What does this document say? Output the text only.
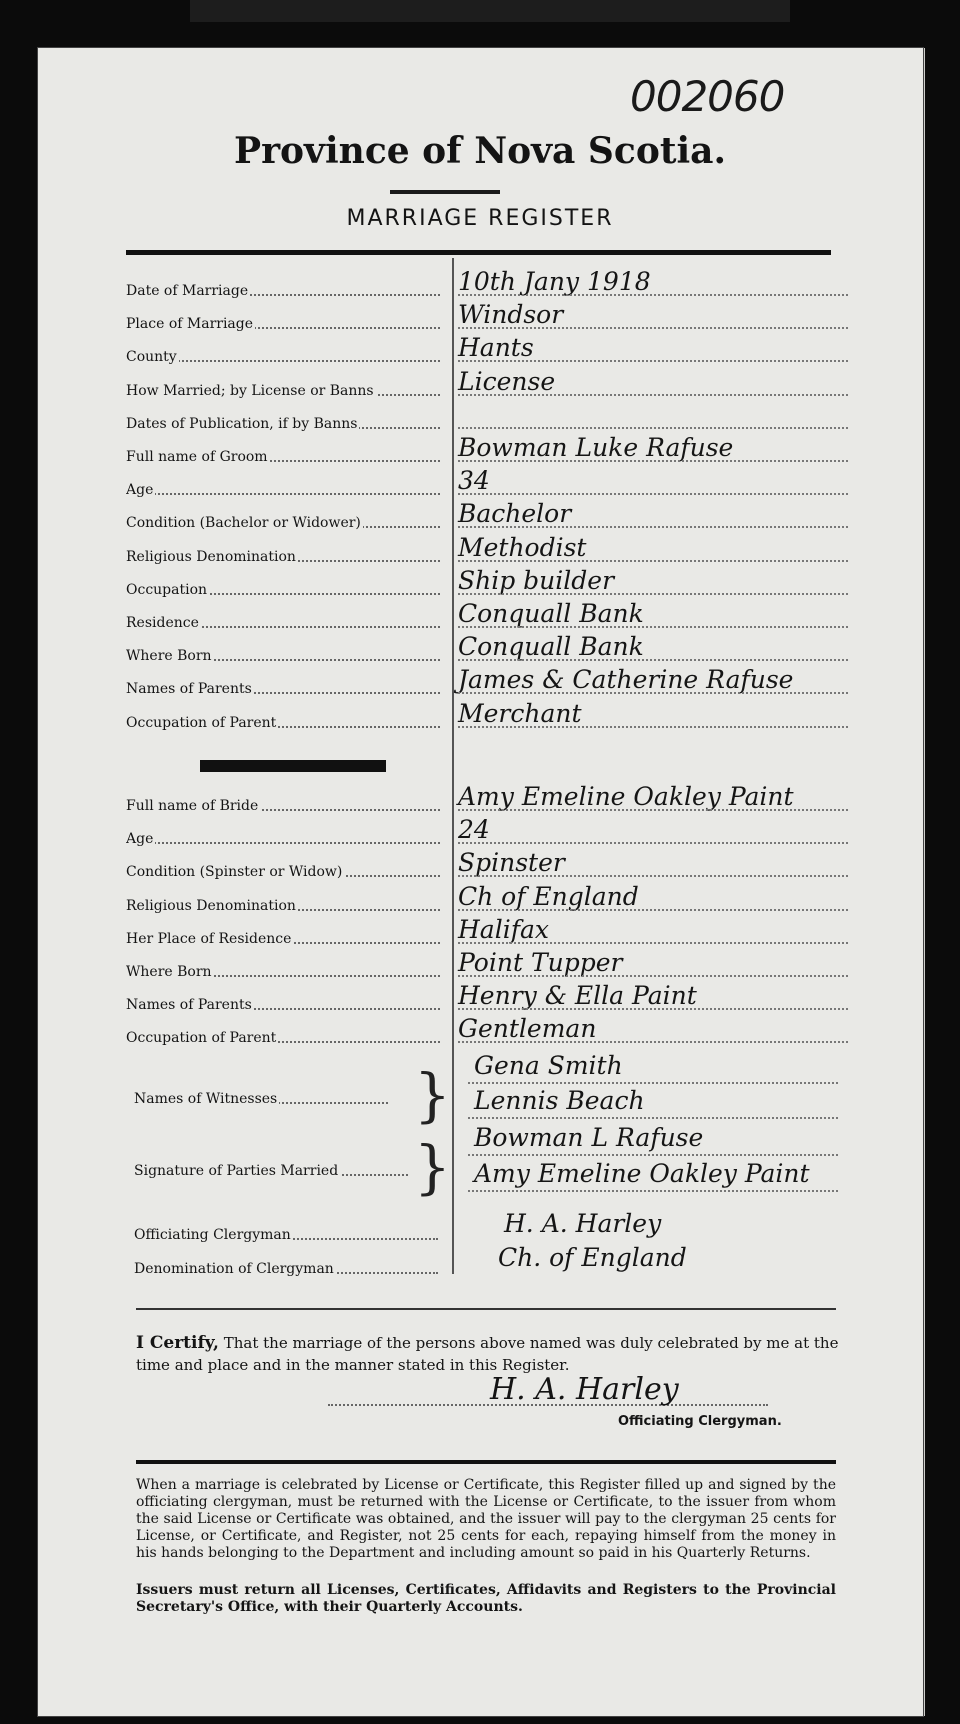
002060
Province of Nova Scotia.
MARRIAGE REGISTER
Date of Marriage	10th Jany 1918
Place of Marriage	Windsor
County	Hants
How Married; by License or Banns	License
Dates of Publication, if by Banns
Full name of Groom	Bowman Luke Rafuse
Age	34
Condition (Bachelor or Widower)	Bachelor
Religious Denomination	Methodist
Occupation	Ship builder
Residence	Conquall Bank
Where Born	Conquall Bank
Names of Parents	James & Catherine Rafuse
Occupation of Parent	Merchant
Full name of Bride	Amy Emeline Oakley Paint
Age	24
Condition (Spinster or Widow)	Spinster
Religious Denomination	Ch of England
Her Place of Residence	Halifax
Where Born	Point Tupper
Names of Parents	Henry & Ella Paint
Occupation of Parent	Gentleman
Names of Witnesses	} Gena Smith
Lennis Beach
Signature of Parties Married	} Bowman L Rafuse
Amy Emeline Oakley Paint
Officiating Clergyman	H. A. Harley
Denomination of Clergyman	Ch. of England
I Certify, That the marriage of the persons above named was duly celebrated by me at the time and place and in the manner stated in this Register.
H. A. Harley
Officiating Clergyman.
When a marriage is celebrated by License or Certificate, this Register filled up and signed by the officiating clergyman, must be returned with the License or Certificate, to the issuer from whom the said License or Certificate was obtained, and the issuer will pay to the clergyman 25 cents for License, or Certificate, and Register, not 25 cents for each, repaying himself from the money in his hands belonging to the Department and including amount so paid in his Quarterly Returns.
Issuers must return all Licenses, Certificates, Affidavits and Registers to the Provincial Secretary's Office, with their Quarterly Accounts.
